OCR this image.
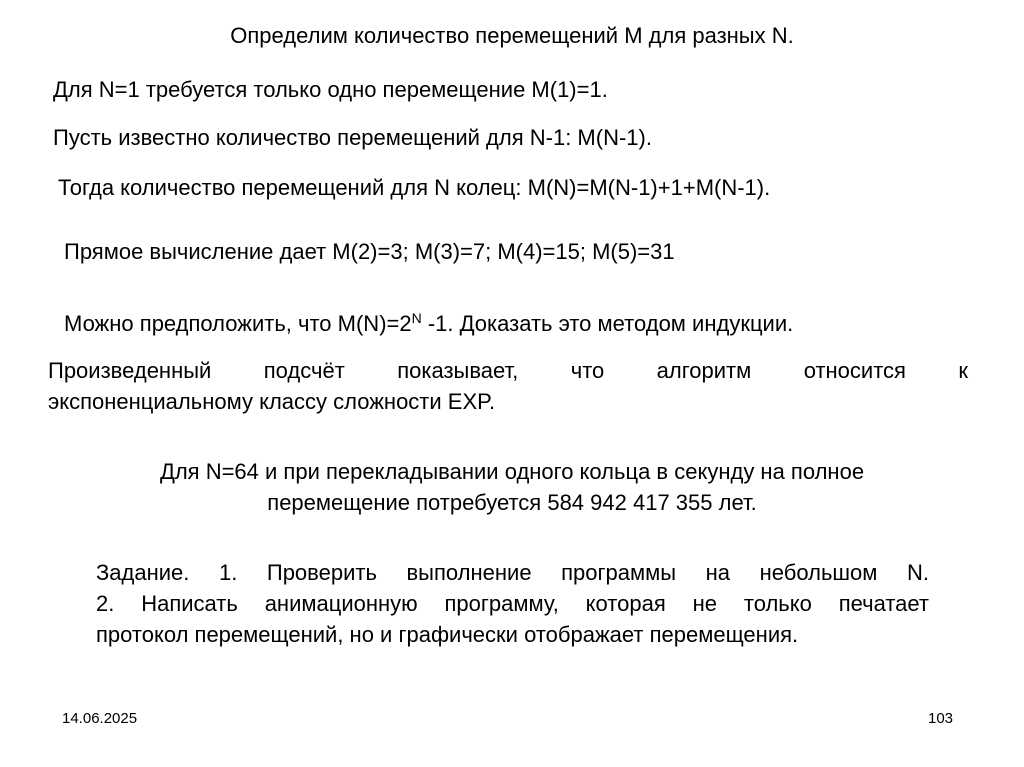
Определим количество перемещений M для разных N.

Для N=1 требуется только одно перемещение M(1)=1.

Пусть известно количество перемещений для N-1: M(N-1).

Тогда количество перемещений для N колец: M(N)=M(N-1)+1+M(N-1).

Прямое вычисление дает M(2)=3; M(3)=7; M(4)=15; M(5)=31

Можно предположить, что $M(N)=2^N$ -1. Доказать это методом индукции.

Произведенный подсчёт показывает, что алгоритм относится к
экспоненциальному классу сложности EXP.
Для N=64 и при перекладывании одного кольца в секунду на полное
перемещение потребуется 584 942 417 355 лет.
Задание. 1. Проверить выполнение программы на небольшом N.
2. Написать анимационную программу, которая не только печатает
протокол перемещений, но и графически отображает перемещения.
14.06.2025	103
